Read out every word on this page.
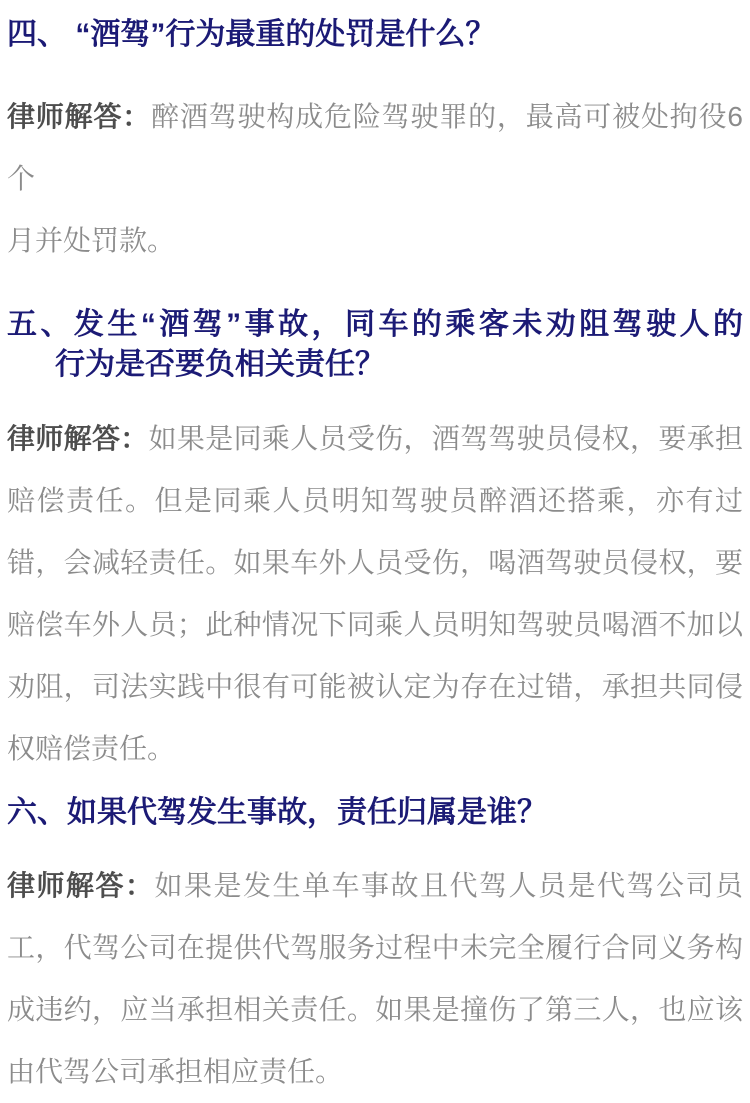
四、 “酒驾”行为最重的处罚是什么？
律师解答：醉酒驾驶构成危险驾驶罪的，最高可被处拘役6个
月并处罚款。
五、发生“酒驾”事故，同车的乘客未劝阻驾驶人的
行为是否要负相关责任？
律师解答：如果是同乘人员受伤，酒驾驾驶员侵权，要承担
赔偿责任。但是同乘人员明知驾驶员醉酒还搭乘，亦有过
错，会减轻责任。如果车外人员受伤，喝酒驾驶员侵权，要
赔偿车外人员；此种情况下同乘人员明知驾驶员喝酒不加以
劝阻，司法实践中很有可能被认定为存在过错，承担共同侵
权赔偿责任。
六、如果代驾发生事故，责任归属是谁？
律师解答：如果是发生单车事故且代驾人员是代驾公司员
工，代驾公司在提供代驾服务过程中未完全履行合同义务构
成违约，应当承担相关责任。如果是撞伤了第三人，也应该
由代驾公司承担相应责任。
